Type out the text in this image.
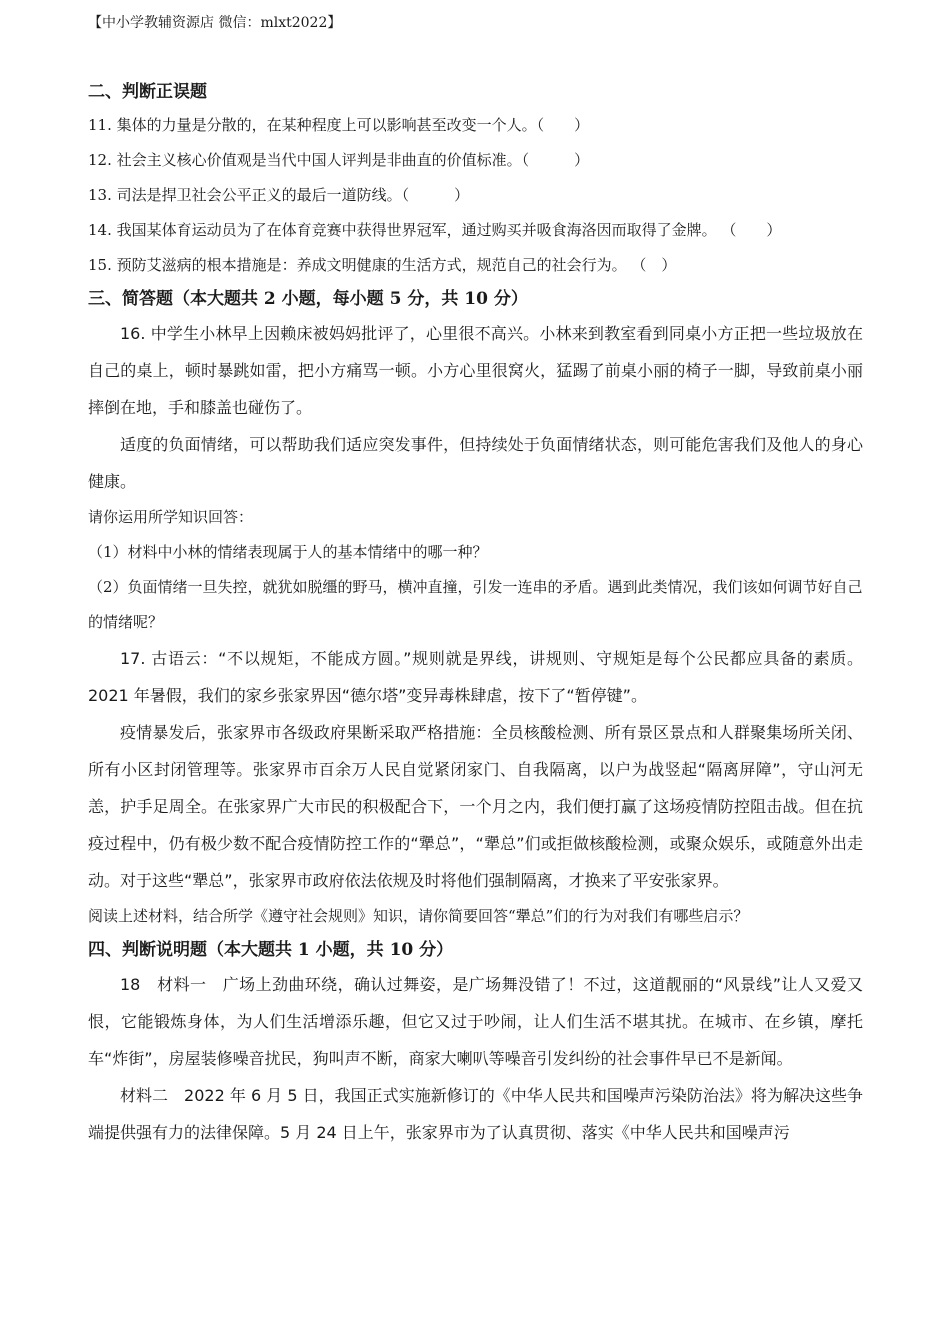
【中小学教辅资源店 微信：mlxt2022】
二、判断正误题
11. 集体的力量是分散的，在某种程度上可以影响甚至改变一个人。（　　）
12. 社会主义核心价值观是当代中国人评判是非曲直的价值标准。（　　　）
13. 司法是捍卫社会公平正义的最后一道防线。（　　　）
14. 我国某体育运动员为了在体育竞赛中获得世界冠军，通过购买并吸食海洛因而取得了金牌。 （　　）
15. 预防艾滋病的根本措施是：养成文明健康的生活方式，规范自己的社会行为。 （　）
三、简答题（本大题共 2 小题，每小题 5 分，共 10 分）

16. 中学生小林早上因赖床被妈妈批评了，心里很不高兴。小林来到教室看到同桌小方正把一些垃圾放在自己的桌上，顿时暴跳如雷，把小方痛骂一顿。小方心里很窝火，猛踢了前桌小丽的椅子一脚，导致前桌小丽摔倒在地，手和膝盖也碰伤了。

适度的负面情绪，可以帮助我们适应突发事件，但持续处于负面情绪状态，则可能危害我们及他人的身心健康。

请你运用所学知识回答：

（1）材料中小林的情绪表现属于人的基本情绪中的哪一种？

（2）负面情绪一旦失控，就犹如脱缰的野马，横冲直撞，引发一连串的矛盾。遇到此类情况，我们该如何调节好自己的情绪呢？

17. 古语云：“不以规矩，不能成方圆。”规则就是界线，讲规则、守规矩是每个公民都应具备的素质。2021 年暑假，我们的家乡张家界因“德尔塔”变异毒株肆虐，按下了“暂停键”。

疫情暴发后，张家界市各级政府果断采取严格措施：全员核酸检测、所有景区景点和人群聚集场所关闭、所有小区封闭管理等。张家界市百余万人民自觉紧闭家门、自我隔离，以户为战竖起“隔离屏障”，守山河无恙，护手足周全。在张家界广大市民的积极配合下，一个月之内，我们便打赢了这场疫情防控阻击战。但在抗疫过程中，仍有极少数不配合疫情防控工作的“犟总”，“犟总”们或拒做核酸检测，或聚众娱乐，或随意外出走动。对于这些“犟总”，张家界市政府依法依规及时将他们强制隔离，才换来了平安张家界。

阅读上述材料，结合所学《遵守社会规则》知识，请你简要回答“犟总”们的行为对我们有哪些启示？

四、判断说明题（本大题共 1 小题，共 10 分）

18　材料一　广场上劲曲环绕，确认过舞姿，是广场舞没错了！不过，这道靓丽的“风景线”让人又爱又恨，它能锻炼身体，为人们生活增添乐趣，但它又过于吵闹，让人们生活不堪其扰。在城市、在乡镇，摩托车“炸街”，房屋装修噪音扰民，狗叫声不断，商家大喇叭等噪音引发纠纷的社会事件早已不是新闻。

材料二　2022 年 6 月 5 日，我国正式实施新修订的《中华人民共和国噪声污染防治法》将为解决这些争端提供强有力的法律保障。5 月 24 日上午，张家界市为了认真贯彻、落实《中华人民共和国噪声污
